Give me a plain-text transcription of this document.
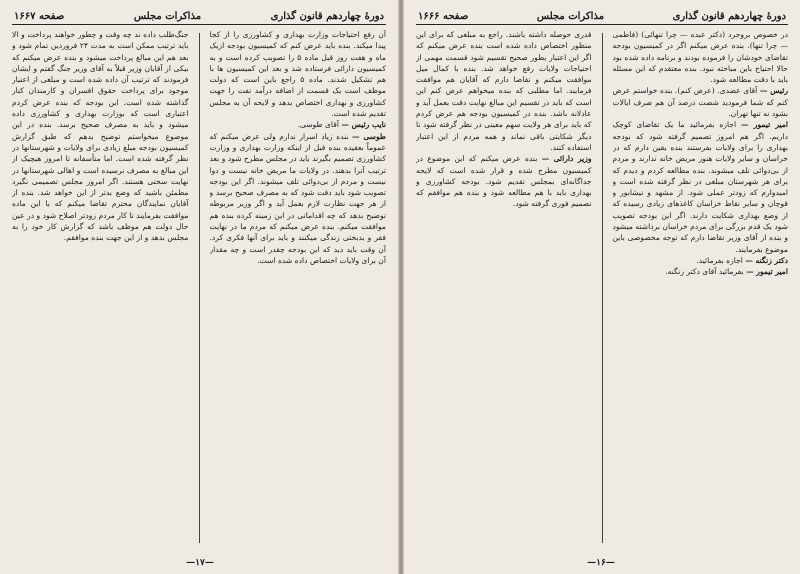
دورهٔ چهاردهم قانون گذاری
مذاکرات مجلس
صفحه ۱۶۶۷

آن رفع احتیاجات وزارت بهداری و کشاورزی را از کجا پیدا میکند. بنده باید عرض کنم که کمیسیون بودجه ازیک ماه و هفت روز قبل ماده ۵ را تصویب کرده است و به کمیسیون دارائی فرستاده شد و بعد این کمیسیون ها با هم تشکیل شدند. ماده ۵ راجع باین است که دولت موظف است یک قسمت از اضافه درآمد نفت را جهت کشاورزی و بهداری اختصاص بدهد و لایحه آن به مجلس تقدیم شده است.

نایب رئیس — آقای طوسی.

طوسی — بنده زیاد اسرار ندارم ولی عرض میکنم که عموماً بعقیده بنده قبل از اینکه وزارت بهداری و وزارت کشاورزی تصمیم بگیرند باید در مجلس مطرح شود و بعد ترتیب آنرا بدهند. در ولایات ما مریض خانه نیست و دوا نیست و مردم از بی‌دوائی تلف میشوند. اگر این بودجه تصویب شود باید دقت شود که به مصرف صحیح برسد و از هر جهت نظارت لازم بعمل آید و اگر وزیر مربوطه توضیح بدهد که چه اقداماتی در این زمینه کرده بنده هم موافقت میکنم. بنده عرض میکنم که مردم ما در نهایت فقر و بدبختی زندگی میکنند و باید برای آنها فکری کرد. آن وقت باید دید که این بودجه چقدر است و چه مقدار آن برای ولایات اختصاص داده شده است.

جنگ‌طلب داده ند چه وقت و چطور خواهند پرداخت و الا باید ترتیب ممکن است به مدت ۲۴ فروردین تمام شود و بعد هم این مبالغ پرداخت میشود و بنده عرض میکنم که بیکی از آقایان وزیر قبلاً به آقای وزیر جنگ گفتم و ایشان فرمودند که ترتیب آن داده شده است و مبلغی از اعتبار موجود برای پرداخت حقوق افسران و کارمندان کنار گذاشته شده است. این بودجه که بنده عرض کردم اعتباری است که بوزارت بهداری و کشاورزی داده میشود و باید به مصرف صحیح برسد. بنده در این موضوع میخواستم توضیح بدهم که طبق گزارش کمیسیون بودجه مبلغ زیادی برای ولایات و شهرستانها در نظر گرفته شده است. اما متأسفانه تا امروز هیچیک از این مبالغ به مصرف نرسیده است و اهالی شهرستانها در نهایت سختی هستند. اگر امروز مجلس تصمیمی نگیرد مطمئن باشید که وضع بدتر از این خواهد شد. بنده از آقایان نمایندگان محترم تقاضا میکنم که با این ماده موافقت بفرمایند تا کار مردم زودتر اصلاح شود و در عین حال دولت هم موظف باشد که گزارش کار خود را به مجلس بدهد و از این جهت بنده موافقم.

—۱۷—
دورهٔ چهاردهم قانون گذاری
مذاکرات مجلس
صفحه ۱۶۶۶

در خصوص بروجرد (دکتر عبده — چرا تنهائی) (فاطمی — چرا تنها). بنده عرض میکنم اگر در کمیسیون بودجه تقاضای خودشان را فرموده بودند و برنامه داده شده بود حالا احتیاج باین مباحثه نبود. بنده معتقدم که این مسئله باید با دقت مطالعه شود.

رئیس — آقای عضدی. (عرض کنم). بنده خواستم عرض کنم که شما فرمودید شصت درصد آن هم صرف ایالات بشود نه تنها تهران.

امیر تیمور — اجازه بفرمائید ما یک تقاضای کوچک داریم. اگر هم امروز تصمیم گرفته شود که بودجه بهداری را برای ولایات بفرستند بنده یقین دارم که در خراسان و سایر ولایات هنوز مریض خانه ندارند و مردم از بی‌دوائی تلف میشوند. بنده مطالعه کردم و دیدم که برای هر شهرستان مبلغی در نظر گرفته شده است و امیدوارم که زودتر عملی شود. از مشهد و نیشابور و قوچان و سایر نقاط خراسان کاغذهای زیادی رسیده که از وضع بهداری شکایت دارند. اگر این بودجه تصویب شود یک قدم بزرگی برای مردم خراسان برداشته میشود و بنده از آقای وزیر تقاضا دارم که توجه مخصوصی باین موضوع بفرمایند.

دکتر زنگنه — اجازه بفرمائید.

امیر تیمور — بفرمائید آقای دکتر زنگنه.

قدری حوصله داشته باشند. راجع به مبلغی که برای این منظور اختصاص داده شده است بنده عرض میکنم که اگر این اعتبار بطور صحیح تقسیم شود قسمت مهمی از احتیاجات ولایات رفع خواهد شد. بنده با کمال میل موافقت میکنم و تقاضا دارم که آقایان هم موافقت فرمایند. اما مطلبی که بنده میخواهم عرض کنم این است که باید در تقسیم این مبالغ نهایت دقت بعمل آید و عادلانه باشد. بنده در کمیسیون بودجه هم عرض کردم که باید برای هر ولایت سهم معینی در نظر گرفته شود تا دیگر شکایتی باقی نماند و همه مردم از این اعتبار استفاده کنند.

وزیر دارائی — بنده عرض میکنم که این موضوع در کمیسیون مطرح شده و قرار شده است که لایحه جداگانه‌ای بمجلس تقدیم شود. بودجه کشاورزی و بهداری باید با هم مطالعه شود و بنده هم موافقم که تصمیم فوری گرفته شود.

—۱۶—
